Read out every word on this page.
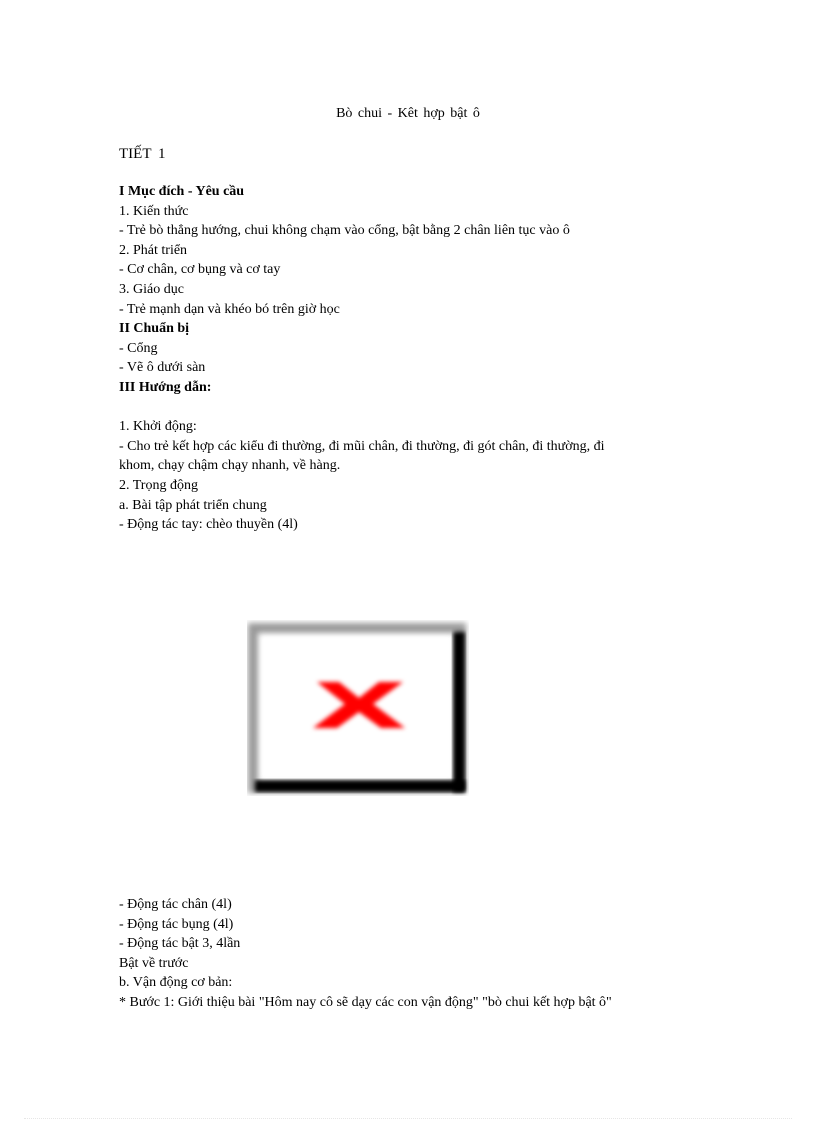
Bò chui - Kêt hợp bật ô
TIẾT 1
I Mục đích - Yêu cầu
1. Kiến thức
- Trẻ bò thẳng hướng, chui không chạm vào cổng, bật bằng 2 chân liên tục vào ô
2. Phát triển
- Cơ chân, cơ bụng và cơ tay
3. Giáo dục
- Trẻ mạnh dạn và khéo bó trên giờ học
II Chuẩn bị
- Cổng
- Vẽ ô dưới sàn
III Hướng dẫn:
1. Khởi động:
- Cho trẻ kết hợp các kiểu đi thường, đi mũi chân, đi thường, đi gót chân, đi thường, đi
khom, chạy chậm chạy nhanh, về hàng.
2. Trọng động
a. Bài tập phát triển chung
- Động tác tay: chèo thuyền (4l)
- Động tác chân (4l)
- Động tác bụng (4l)
- Động tác bật 3, 4lần
Bật về trước
b. Vận động cơ bản:
* Bước 1: Giới thiệu bài "Hôm nay cô sẽ dạy các con vận động" "bò chui kết hợp bật ô"
